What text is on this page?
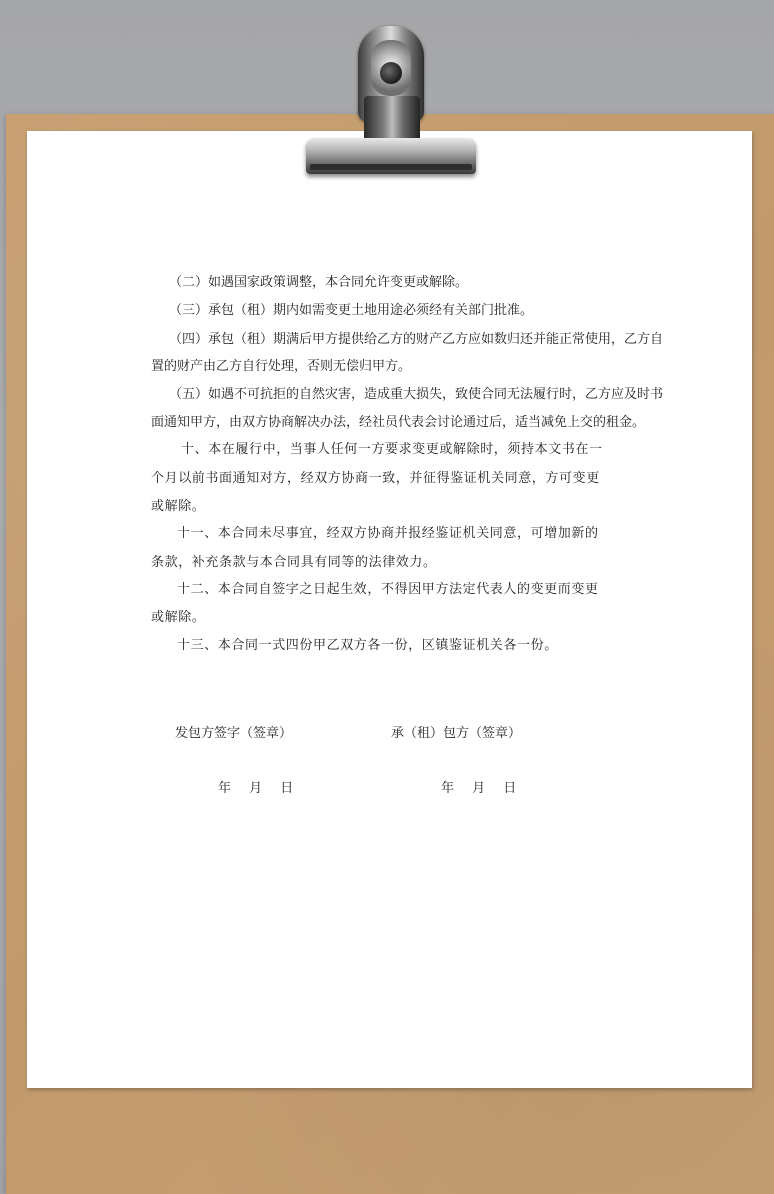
（二）如遇国家政策调整，本合同允许变更或解除。
（三）承包（租）期内如需变更土地用途必须经有关部门批准。
（四）承包（租）期满后甲方提供给乙方的财产乙方应如数归还并能正常使用，乙方自
置的财产由乙方自行处理，否则无偿归甲方。
（五）如遇不可抗拒的自然灾害，造成重大损失，致使合同无法履行时，乙方应及时书
面通知甲方，由双方协商解决办法，经社员代表会讨论通过后，适当减免上交的租金。
十、本在履行中，当事人任何一方要求变更或解除时，须持本文书在一
个月以前书面通知对方，经双方协商一致，并征得鉴证机关同意，方可变更
或解除。
十一、本合同未尽事宜，经双方协商并报经鉴证机关同意，可增加新的
条款，补充条款与本合同具有同等的法律效力。
十二、本合同自签字之日起生效，不得因甲方法定代表人的变更而变更
或解除。
十三、本合同一式四份甲乙双方各一份，区镇鉴证机关各一份。
发包方签字（签章）	承（租）包方（签章）
年 月 日	年 月 日
